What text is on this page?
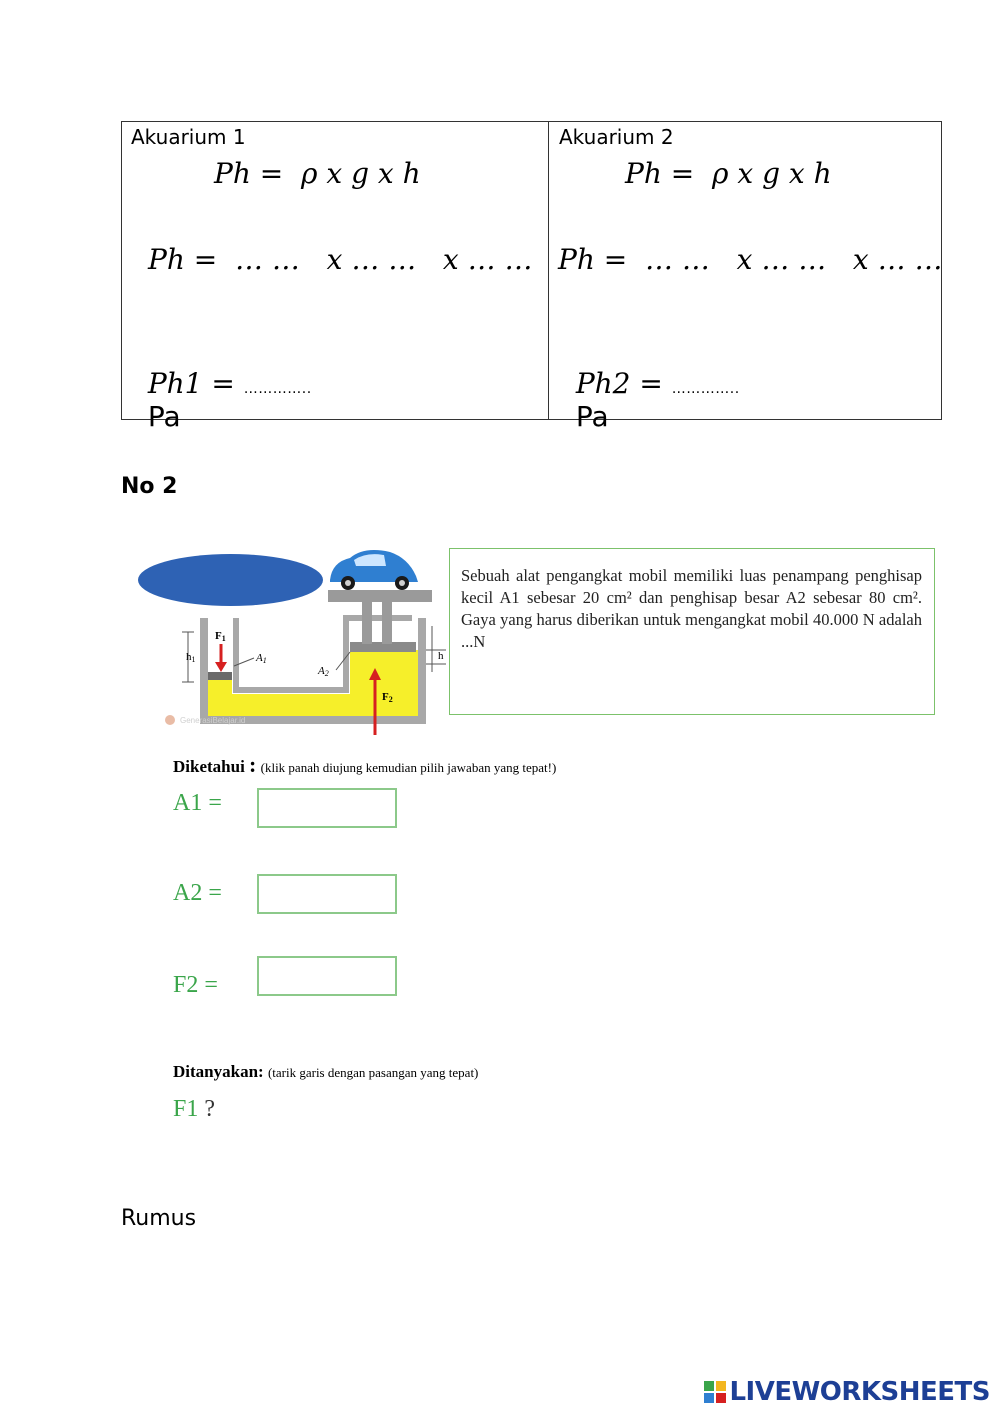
Akuarium 1
Ph =  ρ x g x h
Ph =  … …   x … …   x … …

Ph1 = …………..
Pa

Akuarium 2
Ph =  ρ x g x h
Ph =  … …   x … …   x … …

Ph2 = …………..
Pa

No 2
F1
A1
A2
h1	h
F2
GenerasiBelajar.id
Sebuah alat pengangkat mobil memiliki luas penampang penghisap kecil A1 sebesar 20 cm² dan penghisap besar A2 sebesar 80 cm². Gaya yang harus diberikan untuk mengangkat mobil 40.000 N adalah ...N
Diketahui : (klik panah diujung kemudian pilih jawaban yang tepat!)
A1 =
A2 =
F2 =
Ditanyakan: (tarik garis dengan pasangan yang tepat)
F1 ?
Rumus
LIVEWORKSHEETS
